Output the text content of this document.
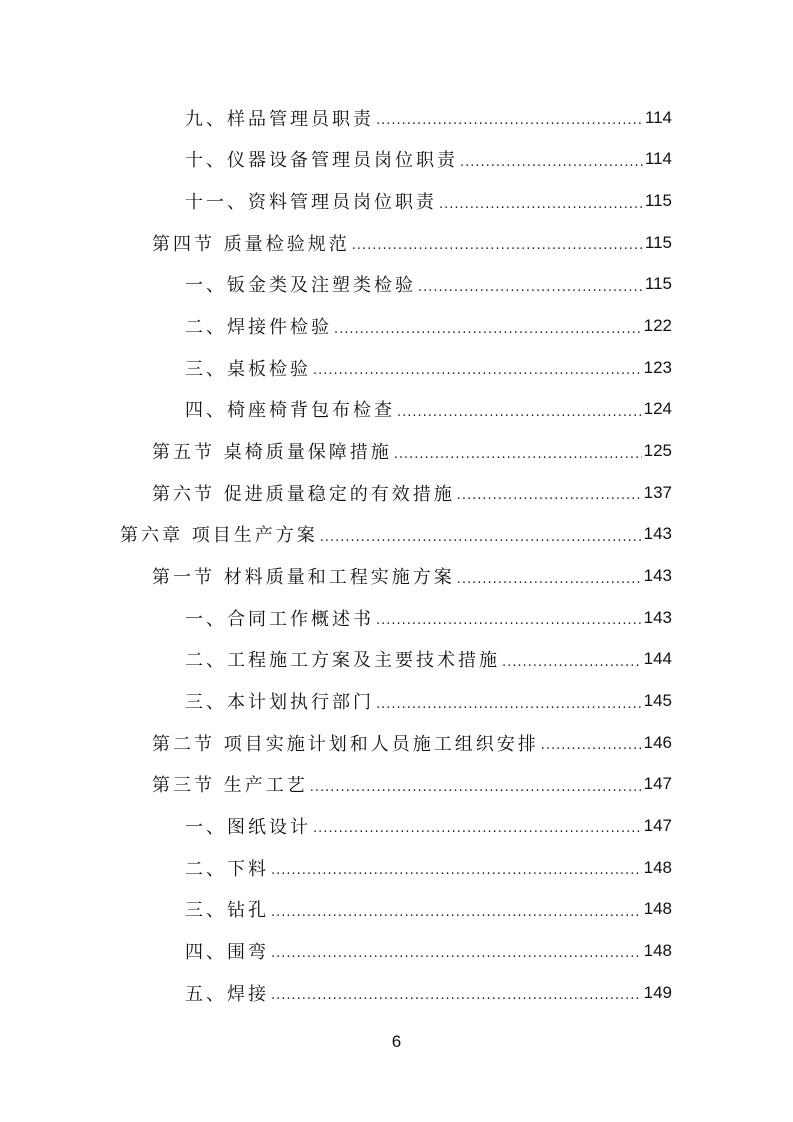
九、样品管理员职责 .....	114
十、仪器设备管理员岗位职责 .....	114
十一、资料管理员岗位职责 .....	115
第四节 质量检验规范 .....	115
一、钣金类及注塑类检验 .....	115
二、焊接件检验 .....	122
三、桌板检验 .....	123
四、椅座椅背包布检查 .....	124
第五节 桌椅质量保障措施 .....	125
第六节 促进质量稳定的有效措施 .....	137
第六章 项目生产方案 .....	143
第一节 材料质量和工程实施方案 .....	143
一、合同工作概述书 .....	143
二、工程施工方案及主要技术措施 .....	144
三、本计划执行部门 .....	145
第二节 项目实施计划和人员施工组织安排 .....	146
第三节 生产工艺 .....	147
一、图纸设计 .....	147
二、下料 .....	148
三、钻孔 .....	148
四、围弯 .....	148
五、焊接 .....	149
6
